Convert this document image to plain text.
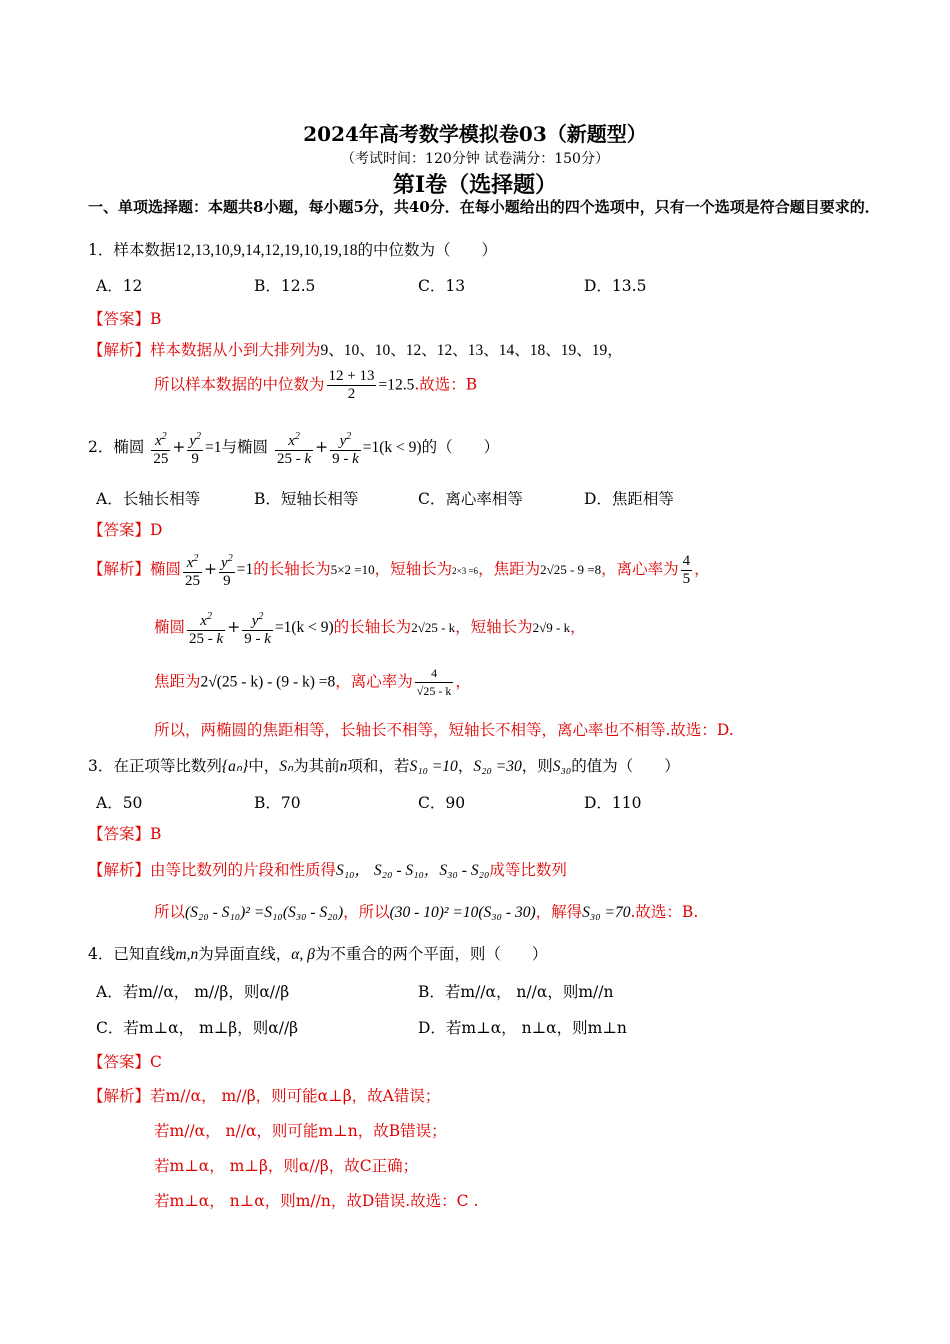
2024年高考数学模拟卷03（新题型）
（考试时间：120分钟 试卷满分：150分）
第I卷（选择题）
一、单项选择题：本题共8小题，每小题5分，共40分．在每小题给出的四个选项中，只有一个选项是符合题目要求的．
1．样本数据12,13,10,9,14,12,19,10,19,18的中位数为（　　）
A．12	B．12.5	C．13	D．13.5
【答案】B
【解析】样本数据从小到大排列为9、10、10、12、12、13、14、18、19、19，
所以样本数据的中位数为 $\frac{12 + 13}{2} =12.5$.故选：B
2．椭圆 $\frac{x^2}{25} + \frac{y^2}{9} =1$与椭圆 $\frac{x^2}{25 - k} + \frac{y^2}{9 - k} =1(k < 9)$的（　　）
A．长轴长相等	B．短轴长相等	C．离心率相等	D．焦距相等
【答案】D
【解析】椭圆 $\frac{x^2}{25} + \frac{y^2}{9} =1$的长轴长为5×2 =10，短轴长为2×3 =6，焦距为2√25 - 9 =8，离心率为 $\frac{4}{5}$ ，
椭圆 $\frac{x^2}{25 - k} + \frac{y^2}{9 - k} =1(k < 9)$的长轴长为2√25 - k，短轴长为2√9 - k，
焦距为2√(25 - k) - (9 - k) =8，离心率为 $\frac{4}{√25 - k}$ ，
所以，两椭圆的焦距相等，长轴长不相等，短轴长不相等，离心率也不相等.故选：D.
3．在正项等比数列{aₙ}中，Sₙ为其前n项和，若S₁₀ =10，S₂₀ =30，则S₃₀的值为（　　）
A．50	B．70	C．90	D．110
【答案】B
【解析】由等比数列的片段和性质得S₁₀， S₂₀ - S₁₀，S₃₀ - S₂₀成等比数列
所以(S₂₀ - S₁₀)² =S₁₀(S₃₀ - S₂₀)，所以(30 - 10)² =10(S₃₀ - 30)，解得S₃₀ =70.故选：B.
4．已知直线m,n为异面直线，α, β为不重合的两个平面，则（　　）
A．若m//α， m//β，则α//β	B．若m//α， n//α，则m//n
C．若m⊥α， m⊥β，则α//β	D．若m⊥α， n⊥α，则m⊥n
【答案】C
【解析】若m//α， m//β，则可能α⊥β，故A错误；
若m//α， n//α，则可能m⊥n，故B错误；
若m⊥α， m⊥β，则α//β，故C正确；
若m⊥α， n⊥α，则m//n，故D错误.故选：C .
